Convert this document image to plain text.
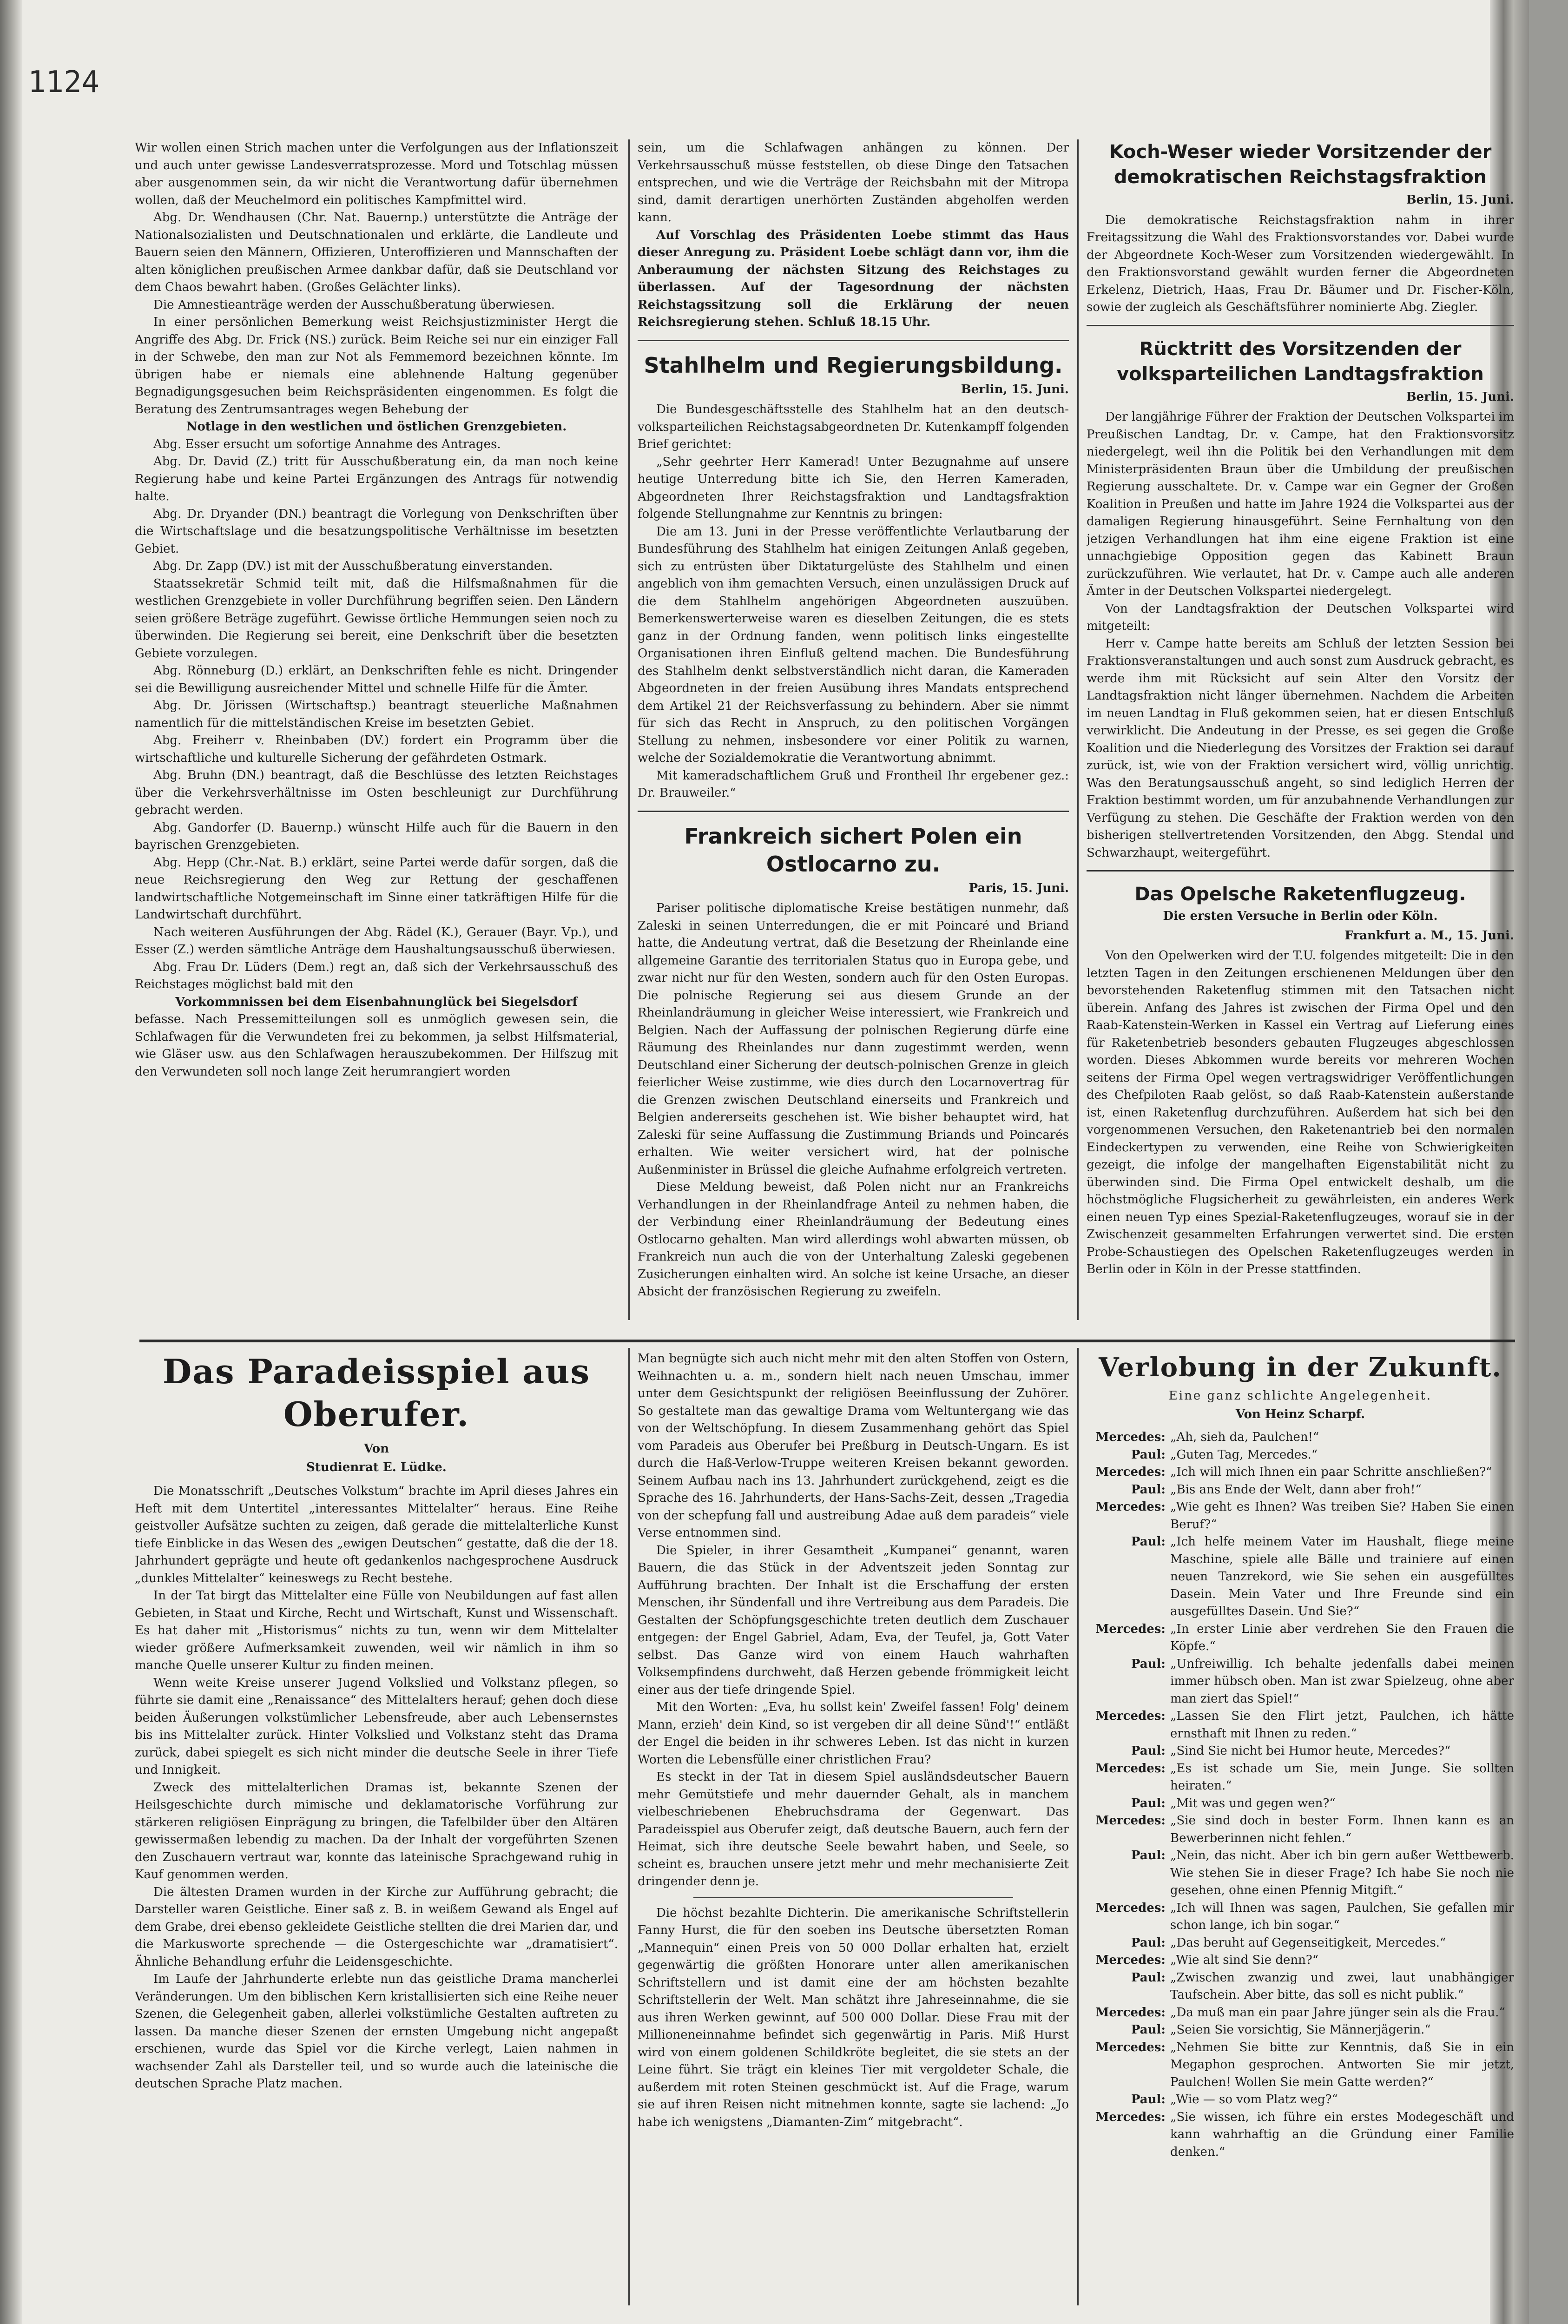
1124

Wir wollen einen Strich machen unter die Verfolgungen aus der Inflationszeit und auch unter gewisse Landesverratsprozesse. Mord und Totschlag müssen aber ausgenommen sein, da wir nicht die Verantwortung dafür übernehmen wollen, daß der Meuchelmord ein politisches Kampfmittel wird.

Abg. Dr. Wendhausen (Chr. Nat. Bauernp.) unterstützte die Anträge der Nationalsozialisten und Deutschnationalen und erklärte, die Landleute und Bauern seien den Männern, Offizieren, Unteroffizieren und Mannschaften der alten königlichen preußischen Armee dankbar dafür, daß sie Deutschland vor dem Chaos bewahrt haben. (Großes Gelächter links).

Die Amnestieanträge werden der Ausschußberatung überwiesen.

In einer persönlichen Bemerkung weist Reichsjustizminister Hergt die Angriffe des Abg. Dr. Frick (NS.) zurück. Beim Reiche sei nur ein einziger Fall in der Schwebe, den man zur Not als Femmemord bezeichnen könnte. Im übrigen habe er niemals eine ablehnende Haltung gegenüber Begnadigungsgesuchen beim Reichspräsidenten eingenommen. Es folgt die Beratung des Zentrumsantrages wegen Behebung der

Notlage in den westlichen und östlichen Grenzgebieten.

Abg. Esser ersucht um sofortige Annahme des Antrages.

Abg. Dr. David (Z.) tritt für Ausschußberatung ein, da man noch keine Regierung habe und keine Partei Ergänzungen des Antrags für notwendig halte.

Abg. Dr. Dryander (DN.) beantragt die Vorlegung von Denkschriften über die Wirtschaftslage und die besatzungspolitische Verhältnisse im besetzten Gebiet.

Abg. Dr. Zapp (DV.) ist mit der Ausschußberatung einverstanden.

Staatssekretär Schmid teilt mit, daß die Hilfsmaßnahmen für die westlichen Grenzgebiete in voller Durchführung begriffen seien. Den Ländern seien größere Beträge zugeführt. Gewisse örtliche Hemmungen seien noch zu überwinden. Die Regierung sei bereit, eine Denkschrift über die besetzten Gebiete vorzulegen.

Abg. Rönneburg (D.) erklärt, an Denkschriften fehle es nicht. Dringender sei die Bewilligung ausreichender Mittel und schnelle Hilfe für die Ämter.

Abg. Dr. Jörissen (Wirtschaftsp.) beantragt steuerliche Maßnahmen namentlich für die mittelständischen Kreise im besetzten Gebiet.

Abg. Freiherr v. Rheinbaben (DV.) fordert ein Programm über die wirtschaftliche und kulturelle Sicherung der gefährdeten Ostmark.

Abg. Bruhn (DN.) beantragt, daß die Beschlüsse des letzten Reichstages über die Verkehrsverhältnisse im Osten beschleunigt zur Durchführung gebracht werden.

Abg. Gandorfer (D. Bauernp.) wünscht Hilfe auch für die Bauern in den bayrischen Grenzgebieten.

Abg. Hepp (Chr.-Nat. B.) erklärt, seine Partei werde dafür sorgen, daß die neue Reichsregierung den Weg zur Rettung der geschaffenen landwirtschaftliche Notgemeinschaft im Sinne einer tatkräftigen Hilfe für die Landwirtschaft durchführt.

Nach weiteren Ausführungen der Abg. Rädel (K.), Gerauer (Bayr. Vp.), und Esser (Z.) werden sämtliche Anträge dem Haushaltungsausschuß überwiesen.

Abg. Frau Dr. Lüders (Dem.) regt an, daß sich der Verkehrsausschuß des Reichstages möglichst bald mit den

Vorkommnissen bei dem Eisenbahnunglück bei Siegelsdorf

befasse. Nach Pressemitteilungen soll es unmöglich gewesen sein, die Schlafwagen für die Verwundeten frei zu bekommen, ja selbst Hilfsmaterial, wie Gläser usw. aus den Schlafwagen herauszubekommen. Der Hilfszug mit den Verwundeten soll noch lange Zeit herumrangiert worden

sein, um die Schlafwagen anhängen zu können. Der Verkehrsausschuß müsse feststellen, ob diese Dinge den Tatsachen entsprechen, und wie die Verträge der Reichsbahn mit der Mitropa sind, damit derartigen unerhörten Zuständen abgeholfen werden kann.

Auf Vorschlag des Präsidenten Loebe stimmt das Haus dieser Anregung zu. Präsident Loebe schlägt dann vor, ihm die Anberaumung der nächsten Sitzung des Reichstages zu überlassen. Auf der Tagesordnung der nächsten Reichstagssitzung soll die Erklärung der neuen Reichsregierung stehen. Schluß 18.15 Uhr.

Stahlhelm und Regierungsbildung.
Berlin, 15. Juni.

Die Bundesgeschäftsstelle des Stahlhelm hat an den deutsch-volksparteilichen Reichstagsabgeordneten Dr. Kutenkampff folgenden Brief gerichtet:

„Sehr geehrter Herr Kamerad! Unter Bezugnahme auf unsere heutige Unterredung bitte ich Sie, den Herren Kameraden, Abgeordneten Ihrer Reichstagsfraktion und Landtagsfraktion folgende Stellungnahme zur Kenntnis zu bringen:

Die am 13. Juni in der Presse veröffentlichte Verlautbarung der Bundesführung des Stahlhelm hat einigen Zeitungen Anlaß gegeben, sich zu entrüsten über Diktaturgelüste des Stahlhelm und einen angeblich von ihm gemachten Versuch, einen unzulässigen Druck auf die dem Stahlhelm angehörigen Abgeordneten auszuüben. Bemerkenswerterweise waren es dieselben Zeitungen, die es stets ganz in der Ordnung fanden, wenn politisch links eingestellte Organisationen ihren Einfluß geltend machen. Die Bundesführung des Stahlhelm denkt selbstverständlich nicht daran, die Kameraden Abgeordneten in der freien Ausübung ihres Mandats entsprechend dem Artikel 21 der Reichsverfassung zu behindern. Aber sie nimmt für sich das Recht in Anspruch, zu den politischen Vorgängen Stellung zu nehmen, insbesondere vor einer Politik zu warnen, welche der Sozialdemokratie die Verantwortung abnimmt.

Mit kameradschaftlichem Gruß und Frontheil Ihr ergebener gez.: Dr. Brauweiler.“

Frankreich sichert Polen ein Ostlocarno zu.
Paris, 15. Juni.

Pariser politische diplomatische Kreise bestätigen nunmehr, daß Zaleski in seinen Unterredungen, die er mit Poincaré und Briand hatte, die Andeutung vertrat, daß die Besetzung der Rheinlande eine allgemeine Garantie des territorialen Status quo in Europa gebe, und zwar nicht nur für den Westen, sondern auch für den Osten Europas. Die polnische Regierung sei aus diesem Grunde an der Rheinlandräumung in gleicher Weise interessiert, wie Frankreich und Belgien. Nach der Auffassung der polnischen Regierung dürfe eine Räumung des Rheinlandes nur dann zugestimmt werden, wenn Deutschland einer Sicherung der deutsch-polnischen Grenze in gleich feierlicher Weise zustimme, wie dies durch den Locarnovertrag für die Grenzen zwischen Deutschland einerseits und Frankreich und Belgien andererseits geschehen ist. Wie bisher behauptet wird, hat Zaleski für seine Auffassung die Zustimmung Briands und Poincarés erhalten. Wie weiter versichert wird, hat der polnische Außenminister in Brüssel die gleiche Aufnahme erfolgreich vertreten.

Diese Meldung beweist, daß Polen nicht nur an Frankreichs Verhandlungen in der Rheinlandfrage Anteil zu nehmen haben, die der Verbindung einer Rheinlandräumung der Bedeutung eines Ostlocarno gehalten. Man wird allerdings wohl abwarten müssen, ob Frankreich nun auch die von der Unterhaltung Zaleski gegebenen Zusicherungen einhalten wird. An solche ist keine Ursache, an dieser Absicht der französischen Regierung zu zweifeln.

Koch-Weser wieder Vorsitzender der demokratischen Reichstagsfraktion
Berlin, 15. Juni.

Die demokratische Reichstagsfraktion nahm in ihrer Freitagssitzung die Wahl des Fraktionsvorstandes vor. Dabei wurde der Abgeordnete Koch-Weser zum Vorsitzenden wiedergewählt. In den Fraktionsvorstand gewählt wurden ferner die Abgeordneten Erkelenz, Dietrich, Haas, Frau Dr. Bäumer und Dr. Fischer-Köln, sowie der zugleich als Geschäftsführer nominierte Abg. Ziegler.

Rücktritt des Vorsitzenden der volksparteilichen Landtagsfraktion
Berlin, 15. Juni.

Der langjährige Führer der Fraktion der Deutschen Volkspartei im Preußischen Landtag, Dr. v. Campe, hat den Fraktionsvorsitz niedergelegt, weil ihn die Politik bei den Verhandlungen mit dem Ministerpräsidenten Braun über die Umbildung der preußischen Regierung ausschaltete. Dr. v. Campe war ein Gegner der Großen Koalition in Preußen und hatte im Jahre 1924 die Volkspartei aus der damaligen Regierung hinausgeführt. Seine Fernhaltung von den jetzigen Verhandlungen hat ihm eine eigene Fraktion ist eine unnachgiebige Opposition gegen das Kabinett Braun zurückzuführen. Wie verlautet, hat Dr. v. Campe auch alle anderen Ämter in der Deutschen Volkspartei niedergelegt.

Von der Landtagsfraktion der Deutschen Volkspartei wird mitgeteilt:

Herr v. Campe hatte bereits am Schluß der letzten Session bei Fraktionsveranstaltungen und auch sonst zum Ausdruck gebracht, es werde ihm mit Rücksicht auf sein Alter den Vorsitz der Landtagsfraktion nicht länger übernehmen. Nachdem die Arbeiten im neuen Landtag in Fluß gekommen seien, hat er diesen Entschluß verwirklicht. Die Andeutung in der Presse, es sei gegen die Große Koalition und die Niederlegung des Vorsitzes der Fraktion sei darauf zurück, ist, wie von der Fraktion versichert wird, völlig unrichtig. Was den Beratungsausschuß angeht, so sind lediglich Herren der Fraktion bestimmt worden, um für anzubahnende Verhandlungen zur Verfügung zu stehen. Die Geschäfte der Fraktion werden von den bisherigen stellvertretenden Vorsitzenden, den Abgg. Stendal und Schwarzhaupt, weitergeführt.

Das Opelsche Raketenflugzeug.
Die ersten Versuche in Berlin oder Köln.
Frankfurt a. M., 15. Juni.

Von den Opelwerken wird der T.U. folgendes mitgeteilt: Die in den letzten Tagen in den Zeitungen erschienenen Meldungen über den bevorstehenden Raketenflug stimmen mit den Tatsachen nicht überein. Anfang des Jahres ist zwischen der Firma Opel und den Raab-Katenstein-Werken in Kassel ein Vertrag auf Lieferung eines für Raketenbetrieb besonders gebauten Flugzeuges abgeschlossen worden. Dieses Abkommen wurde bereits vor mehreren Wochen seitens der Firma Opel wegen vertragswidriger Veröffentlichungen des Chefpiloten Raab gelöst, so daß Raab-Katenstein außerstande ist, einen Raketenflug durchzuführen. Außerdem hat sich bei den vorgenommenen Versuchen, den Raketenantrieb bei den normalen Eindeckertypen zu verwenden, eine Reihe von Schwierigkeiten gezeigt, die infolge der mangelhaften Eigenstabilität nicht zu überwinden sind. Die Firma Opel entwickelt deshalb, um die höchstmögliche Flugsicherheit zu gewährleisten, ein anderes Werk einen neuen Typ eines Spezial-Raketenflugzeuges, worauf sie in der Zwischenzeit gesammelten Erfahrungen verwertet sind. Die ersten Probe-Schaustiegen des Opelschen Raketenflugzeuges werden in Berlin oder in Köln in der Presse stattfinden.

Das Paradeisspiel aus Oberufer.
Von
Studienrat E. Lüdke.

Die Monatsschrift „Deutsches Volkstum“ brachte im April dieses Jahres ein Heft mit dem Untertitel „interessantes Mittelalter“ heraus. Eine Reihe geistvoller Aufsätze suchten zu zeigen, daß gerade die mittelalterliche Kunst tiefe Einblicke in das Wesen des „ewigen Deutschen“ gestatte, daß die der 18. Jahrhundert geprägte und heute oft gedankenlos nachgesprochene Ausdruck „dunkles Mittelalter“ keineswegs zu Recht bestehe.

In der Tat birgt das Mittelalter eine Fülle von Neubildungen auf fast allen Gebieten, in Staat und Kirche, Recht und Wirtschaft, Kunst und Wissenschaft. Es hat daher mit „Historismus“ nichts zu tun, wenn wir dem Mittelalter wieder größere Aufmerksamkeit zuwenden, weil wir nämlich in ihm so manche Quelle unserer Kultur zu finden meinen.

Wenn weite Kreise unserer Jugend Volkslied und Volkstanz pflegen, so führte sie damit eine „Renaissance“ des Mittelalters herauf; gehen doch diese beiden Äußerungen volkstümlicher Lebensfreude, aber auch Lebensernstes bis ins Mittelalter zurück. Hinter Volkslied und Volkstanz steht das Drama zurück, dabei spiegelt es sich nicht minder die deutsche Seele in ihrer Tiefe und Innigkeit.

Zweck des mittelalterlichen Dramas ist, bekannte Szenen der Heilsgeschichte durch mimische und deklamatorische Vorführung zur stärkeren religiösen Einprägung zu bringen, die Tafelbilder über den Altären gewissermaßen lebendig zu machen. Da der Inhalt der vorgeführten Szenen den Zuschauern vertraut war, konnte das lateinische Sprachgewand ruhig in Kauf genommen werden.

Die ältesten Dramen wurden in der Kirche zur Aufführung gebracht; die Darsteller waren Geistliche. Einer saß z. B. in weißem Gewand als Engel auf dem Grabe, drei ebenso gekleidete Geistliche stellten die drei Marien dar, und die Markusworte sprechende — die Ostergeschichte war „dramatisiert“. Ähnliche Behandlung erfuhr die Leidensgeschichte.

Im Laufe der Jahrhunderte erlebte nun das geistliche Drama mancherlei Veränderungen. Um den biblischen Kern kristallisierten sich eine Reihe neuer Szenen, die Gelegenheit gaben, allerlei volkstümliche Gestalten auftreten zu lassen. Da manche dieser Szenen der ernsten Umgebung nicht angepaßt erschienen, wurde das Spiel vor die Kirche verlegt, Laien nahmen in wachsender Zahl als Darsteller teil, und so wurde auch die lateinische die deutschen Sprache Platz machen.

Man begnügte sich auch nicht mehr mit den alten Stoffen von Ostern, Weihnachten u. a. m., sondern hielt nach neuen Umschau, immer unter dem Gesichtspunkt der religiösen Beeinflussung der Zuhörer. So gestaltete man das gewaltige Drama vom Weltuntergang wie das von der Weltschöpfung. In diesem Zusammenhang gehört das Spiel vom Paradeis aus Oberufer bei Preßburg in Deutsch-Ungarn. Es ist durch die Haß-Verlow-Truppe weiteren Kreisen bekannt geworden. Seinem Aufbau nach ins 13. Jahrhundert zurückgehend, zeigt es die Sprache des 16. Jahrhunderts, der Hans-Sachs-Zeit, dessen „Tragedia von der schepfung fall und austreibung Adae auß dem paradeis“ viele Verse entnommen sind.

Die Spieler, in ihrer Gesamtheit „Kumpanei“ genannt, waren Bauern, die das Stück in der Adventszeit jeden Sonntag zur Aufführung brachten. Der Inhalt ist die Erschaffung der ersten Menschen, ihr Sündenfall und ihre Vertreibung aus dem Paradeis. Die Gestalten der Schöpfungsgeschichte treten deutlich dem Zuschauer entgegen: der Engel Gabriel, Adam, Eva, der Teufel, ja, Gott Vater selbst. Das Ganze wird von einem Hauch wahrhaften Volksempfindens durchweht, daß Herzen gebende frömmigkeit leicht einer aus der tiefe dringende Spiel.

Mit den Worten: „Eva, hu sollst kein' Zweifel fassen! Folg' deinem Mann, erzieh' dein Kind, so ist vergeben dir all deine Sünd'!“ entläßt der Engel die beiden in ihr schweres Leben. Ist das nicht in kurzen Worten die Lebensfülle einer christlichen Frau?

Es steckt in der Tat in diesem Spiel ausländsdeutscher Bauern mehr Gemütstiefe und mehr dauernder Gehalt, als in manchem vielbeschriebenen Ehebruchsdrama der Gegenwart. Das Paradeisspiel aus Oberufer zeigt, daß deutsche Bauern, auch fern der Heimat, sich ihre deutsche Seele bewahrt haben, und Seele, so scheint es, brauchen unsere jetzt mehr und mehr mechanisierte Zeit dringender denn je.

Die höchst bezahlte Dichterin. Die amerikanische Schriftstellerin Fanny Hurst, die für den soeben ins Deutsche übersetzten Roman „Mannequin“ einen Preis von 50 000 Dollar erhalten hat, erzielt gegenwärtig die größten Honorare unter allen amerikanischen Schriftstellern und ist damit eine der am höchsten bezahlte Schriftstellerin der Welt. Man schätzt ihre Jahreseinnahme, die sie aus ihren Werken gewinnt, auf 500 000 Dollar. Diese Frau mit der Millioneneinnahme befindet sich gegenwärtig in Paris. Miß Hurst wird von einem goldenen Schildkröte begleitet, die sie stets an der Leine führt. Sie trägt ein kleines Tier mit vergoldeter Schale, die außerdem mit roten Steinen geschmückt ist. Auf die Frage, warum sie auf ihren Reisen nicht mitnehmen konnte, sagte sie lachend: „Jo habe ich wenigstens „Diamanten-Zim“ mitgebracht“.

Verlobung in der Zukunft.
Eine ganz schlichte Angelegenheit.
Von Heinz Scharpf.
Mercedes: „Ah, sieh da, Paulchen!“
Paul: „Guten Tag, Mercedes.“
Mercedes: „Ich will mich Ihnen ein paar Schritte anschließen?“
Paul: „Bis ans Ende der Welt, dann aber froh!“
Mercedes: „Wie geht es Ihnen? Was treiben Sie? Haben Sie einen Beruf?“
Paul: „Ich helfe meinem Vater im Haushalt, fliege meine Maschine, spiele alle Bälle und trainiere auf einen neuen Tanzrekord, wie Sie sehen ein ausgefülltes Dasein. Mein Vater und Ihre Freunde sind ein ausgefülltes Dasein. Und Sie?“
Mercedes: „In erster Linie aber verdrehen Sie den Frauen die Köpfe.“
Paul: „Unfreiwillig. Ich behalte jedenfalls dabei meinen immer hübsch oben. Man ist zwar Spielzeug, ohne aber man ziert das Spiel!“
Mercedes: „Lassen Sie den Flirt jetzt, Paulchen, ich hätte ernsthaft mit Ihnen zu reden.“
Paul: „Sind Sie nicht bei Humor heute, Mercedes?“
Mercedes: „Es ist schade um Sie, mein Junge. Sie sollten heiraten.“
Paul: „Mit was und gegen wen?“
Mercedes: „Sie sind doch in bester Form. Ihnen kann es an Bewerberinnen nicht fehlen.“
Paul: „Nein, das nicht. Aber ich bin gern außer Wettbewerb. Wie stehen Sie in dieser Frage? Ich habe Sie noch nie gesehen, ohne einen Pfennig Mitgift.“
Mercedes: „Ich will Ihnen was sagen, Paulchen, Sie gefallen mir schon lange, ich bin sogar.“
Paul: „Das beruht auf Gegenseitigkeit, Mercedes.“
Mercedes: „Wie alt sind Sie denn?“
Paul: „Zwischen zwanzig und zwei, laut unabhängiger Taufschein. Aber bitte, das soll es nicht publik.“
Mercedes: „Da muß man ein paar Jahre jünger sein als die Frau.“
Paul: „Seien Sie vorsichtig, Sie Männerjägerin.“
Mercedes: „Nehmen Sie bitte zur Kenntnis, daß Sie in ein Megaphon gesprochen. Antworten Sie mir jetzt, Paulchen! Wollen Sie mein Gatte werden?“
Paul: „Wie — so vom Platz weg?“
Mercedes: „Sie wissen, ich führe ein erstes Modegeschäft und kann wahrhaftig an die Gründung einer Familie denken.“
